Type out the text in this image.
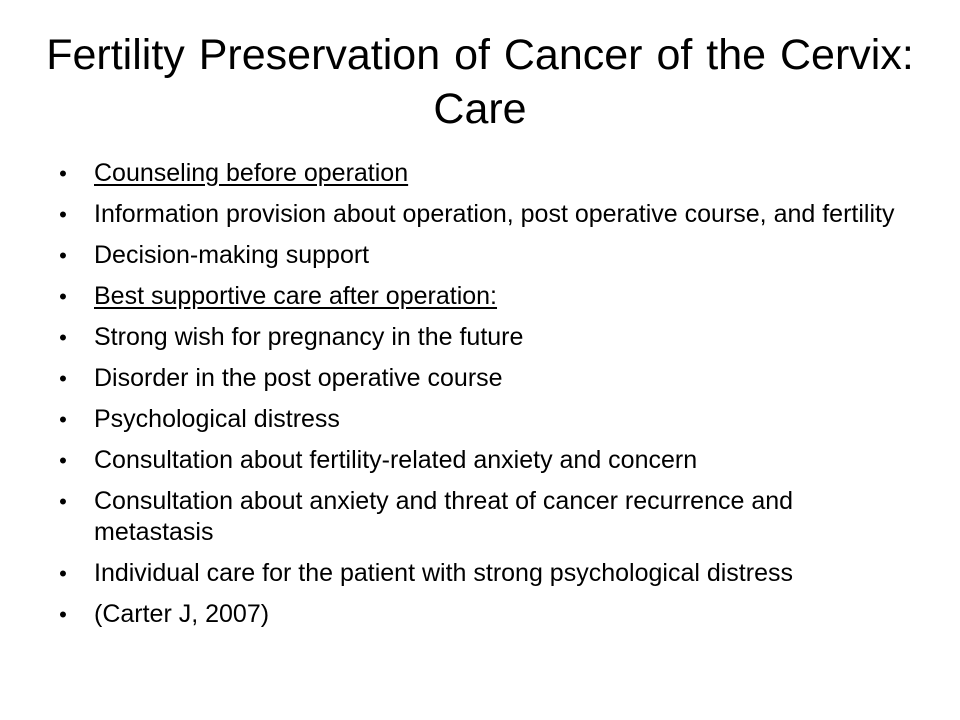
Fertility Preservation of Cancer of the Cervix: Care
• Counseling before operation
• Information provision about operation, post operative course, and fertility
• Decision-making support
• Best supportive care after operation:
• Strong wish for pregnancy in the future
• Disorder in the post operative course
• Psychological distress
• Consultation about fertility-related anxiety and concern
• Consultation about anxiety and threat of cancer recurrence and metastasis
• Individual care for the patient with strong psychological distress
• (Carter J, 2007)
